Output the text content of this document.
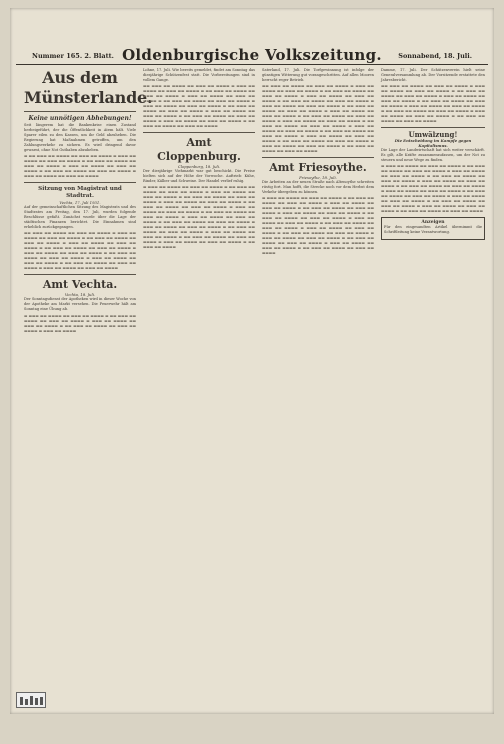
Nummer 165. 2. Blatt. Oldenburgische Volkszeitung.	Sonnabend, 18. Juli.
Aus dem Münsterlande.
Keine unnötigen Abhebungen!

Seit längerem hat die Bankenkrise einen Zustand herbeigeführt, der die Öffentlichkeit in Atem hält. Viele Sparer eilen zu den Kassen, um ihr Geld abzuheben. Die Regierung hat Maßnahmen getroffen, um den Zahlungsverkehr zu sichern. Es wird dringend davor gewarnt, ohne Not Guthaben abzuheben.

▬ ▬▬ ▬▬▬ ▬▬ ▬▬▬▬ ▬▬ ▬▬▬ ▬▬ ▬▬▬▬ ▬ ▬▬▬ ▬▬ ▬▬▬▬ ▬▬ ▬▬▬ ▬▬ ▬▬▬▬ ▬ ▬▬ ▬▬▬ ▬▬ ▬▬▬▬ ▬▬ ▬▬▬ ▬▬ ▬▬▬▬ ▬ ▬▬▬ ▬▬ ▬▬▬▬ ▬▬ ▬▬▬ ▬▬ ▬▬▬▬ ▬ ▬▬ ▬▬▬ ▬▬ ▬▬▬▬ ▬▬ ▬▬▬ ▬▬ ▬▬▬▬ ▬ ▬▬▬ ▬▬ ▬▬▬▬ ▬▬ ▬▬▬ ▬▬ ▬▬▬▬

Sitzung von Magistrat und Stadtrat.
Vechta, 17. Juli 1931.

Auf der gemeinschaftlichen Sitzung des Magistrats und des Stadtrates am Freitag, den 17. Juli, wurden folgende Beschlüsse gefaßt. Zunächst wurde über die Lage der städtischen Finanzen berichtet. Die Einnahmen sind erheblich zurückgegangen.

▬▬ ▬▬▬ ▬▬ ▬▬▬▬ ▬▬ ▬▬▬ ▬▬ ▬▬▬▬ ▬ ▬▬▬ ▬▬ ▬▬▬▬ ▬▬ ▬▬▬ ▬▬ ▬▬▬▬ ▬ ▬▬ ▬▬▬ ▬▬ ▬▬▬▬ ▬▬ ▬▬▬ ▬▬ ▬▬▬▬ ▬ ▬▬▬ ▬▬ ▬▬▬▬ ▬▬ ▬▬▬ ▬▬ ▬▬▬▬ ▬ ▬▬ ▬▬▬ ▬▬ ▬▬▬▬ ▬▬ ▬▬▬ ▬▬ ▬▬▬▬ ▬ ▬▬▬ ▬▬ ▬▬▬▬ ▬▬ ▬▬▬ ▬▬ ▬▬▬▬ ▬ ▬▬ ▬▬▬ ▬▬ ▬▬▬▬ ▬▬ ▬▬▬ ▬▬ ▬▬▬▬ ▬ ▬▬▬ ▬▬ ▬▬▬▬ ▬▬ ▬▬▬ ▬▬ ▬▬▬▬ ▬ ▬▬ ▬▬▬ ▬▬ ▬▬▬▬ ▬▬ ▬▬▬ ▬▬ ▬▬▬▬ ▬ ▬▬▬ ▬▬ ▬▬▬▬ ▬▬ ▬▬▬ ▬▬ ▬▬▬▬

Amt Vechta.
Vechta, 18. Juli.

Der Sonntagsdienst der Apotheken wird in dieser Woche von der Apotheke am Markt versehen. Die Feuerwehr hält am Sonntag eine Übung ab.

▬ ▬▬▬ ▬▬ ▬▬▬▬ ▬▬ ▬▬▬ ▬▬ ▬▬▬▬ ▬ ▬▬ ▬▬▬ ▬▬ ▬▬▬▬ ▬▬ ▬▬▬ ▬▬ ▬▬▬▬ ▬ ▬▬▬ ▬▬ ▬▬▬▬ ▬▬ ▬▬▬ ▬▬ ▬▬▬▬ ▬ ▬▬ ▬▬▬ ▬▬ ▬▬▬▬ ▬▬ ▬▬▬ ▬▬ ▬▬▬▬ ▬ ▬▬▬ ▬▬ ▬▬▬▬

Lohne, 17. Juli. Wie bereits gemeldet, findet am Sonntag das diesjährige Schützenfest statt. Die Vorbereitungen sind in vollem Gange.

▬▬ ▬▬▬ ▬▬ ▬▬▬▬ ▬▬ ▬▬▬ ▬▬ ▬▬▬▬ ▬ ▬▬▬ ▬▬ ▬▬▬▬ ▬▬ ▬▬▬ ▬▬ ▬▬▬▬ ▬ ▬▬ ▬▬▬ ▬▬ ▬▬▬▬ ▬▬ ▬▬▬ ▬▬ ▬▬▬▬ ▬ ▬▬▬ ▬▬ ▬▬▬▬ ▬▬ ▬▬▬ ▬▬ ▬▬▬▬ ▬ ▬▬ ▬▬▬ ▬▬ ▬▬▬▬ ▬▬ ▬▬▬ ▬▬ ▬▬▬▬ ▬ ▬▬▬ ▬▬ ▬▬▬▬ ▬▬ ▬▬▬ ▬▬ ▬▬▬▬ ▬ ▬▬ ▬▬▬ ▬▬ ▬▬▬▬ ▬▬ ▬▬▬ ▬▬ ▬▬▬▬ ▬ ▬▬▬ ▬▬ ▬▬▬▬ ▬▬ ▬▬▬ ▬▬ ▬▬▬▬ ▬ ▬▬ ▬▬▬ ▬▬ ▬▬▬▬ ▬▬ ▬▬▬ ▬▬ ▬▬▬▬ ▬ ▬▬▬ ▬▬ ▬▬▬▬ ▬▬ ▬▬▬ ▬▬ ▬▬▬▬ ▬ ▬▬ ▬▬▬ ▬▬ ▬▬▬▬ ▬▬ ▬▬▬ ▬▬ ▬▬▬▬

Amt Cloppenburg.
Cloppenburg, 18. Juli.

Der diesjährige Viehmarkt war gut beschickt. Die Preise hielten sich auf der Höhe der Vorwoche. Auftrieb: Kühe, Rinder, Kälber und Schweine. Der Handel verlief ruhig.

▬ ▬▬▬ ▬▬ ▬▬▬▬ ▬▬ ▬▬▬ ▬▬ ▬▬▬▬ ▬ ▬▬ ▬▬▬ ▬▬ ▬▬▬▬ ▬▬ ▬▬▬ ▬▬ ▬▬▬▬ ▬ ▬▬▬ ▬▬ ▬▬▬▬ ▬▬ ▬▬▬ ▬▬ ▬▬▬▬ ▬ ▬▬ ▬▬▬ ▬▬ ▬▬▬▬ ▬▬ ▬▬▬ ▬▬ ▬▬▬▬ ▬ ▬▬▬ ▬▬ ▬▬▬▬ ▬▬ ▬▬▬ ▬▬ ▬▬▬▬ ▬ ▬▬ ▬▬▬ ▬▬ ▬▬▬▬ ▬▬ ▬▬▬ ▬▬ ▬▬▬▬ ▬ ▬▬▬ ▬▬ ▬▬▬▬ ▬▬ ▬▬▬ ▬▬ ▬▬▬▬ ▬ ▬▬ ▬▬▬ ▬▬ ▬▬▬▬ ▬▬ ▬▬▬ ▬▬ ▬▬▬▬ ▬ ▬▬▬ ▬▬ ▬▬▬▬ ▬▬ ▬▬▬ ▬▬ ▬▬▬▬ ▬ ▬▬ ▬▬▬ ▬▬ ▬▬▬▬ ▬▬ ▬▬▬ ▬▬ ▬▬▬▬ ▬ ▬▬▬ ▬▬ ▬▬▬▬ ▬▬ ▬▬▬ ▬▬ ▬▬▬▬ ▬ ▬▬ ▬▬▬ ▬▬ ▬▬▬▬ ▬▬ ▬▬▬ ▬▬ ▬▬▬▬ ▬ ▬▬▬ ▬▬ ▬▬▬▬ ▬▬ ▬▬▬ ▬▬ ▬▬▬▬ ▬ ▬▬ ▬▬▬ ▬▬ ▬▬▬▬ ▬▬ ▬▬▬ ▬▬ ▬▬▬▬ ▬ ▬▬▬ ▬▬ ▬▬▬▬ ▬▬ ▬▬▬ ▬▬ ▬▬▬▬ ▬ ▬▬ ▬▬▬ ▬▬ ▬▬▬▬

Saterland, 17. Juli. Die Torfgewinnung ist infolge der günstigen Witterung gut vorangeschritten. Auf allen Mooren herrscht reger Betrieb.

▬▬ ▬▬▬ ▬▬ ▬▬▬▬ ▬▬ ▬▬▬ ▬▬ ▬▬▬▬ ▬ ▬▬▬ ▬▬ ▬▬▬▬ ▬▬ ▬▬▬ ▬▬ ▬▬▬▬ ▬ ▬▬ ▬▬▬ ▬▬ ▬▬▬▬ ▬▬ ▬▬▬ ▬▬ ▬▬▬▬ ▬ ▬▬▬ ▬▬ ▬▬▬▬ ▬▬ ▬▬▬ ▬▬ ▬▬▬▬ ▬ ▬▬ ▬▬▬ ▬▬ ▬▬▬▬ ▬▬ ▬▬▬ ▬▬ ▬▬▬▬ ▬ ▬▬▬ ▬▬ ▬▬▬▬ ▬▬ ▬▬▬ ▬▬ ▬▬▬▬ ▬ ▬▬ ▬▬▬ ▬▬ ▬▬▬▬ ▬▬ ▬▬▬ ▬▬ ▬▬▬▬ ▬ ▬▬▬ ▬▬ ▬▬▬▬ ▬▬ ▬▬▬ ▬▬ ▬▬▬▬ ▬ ▬▬ ▬▬▬ ▬▬ ▬▬▬▬ ▬▬ ▬▬▬ ▬▬ ▬▬▬▬ ▬ ▬▬▬ ▬▬ ▬▬▬▬ ▬▬ ▬▬▬ ▬▬ ▬▬▬▬ ▬ ▬▬ ▬▬▬ ▬▬ ▬▬▬▬ ▬▬ ▬▬▬ ▬▬ ▬▬▬▬ ▬ ▬▬▬ ▬▬ ▬▬▬▬ ▬▬ ▬▬▬ ▬▬ ▬▬▬▬ ▬ ▬▬ ▬▬▬ ▬▬ ▬▬▬▬ ▬▬ ▬▬▬ ▬▬ ▬▬▬▬ ▬ ▬▬▬ ▬▬ ▬▬▬▬ ▬▬ ▬▬▬ ▬▬ ▬▬▬▬ ▬ ▬▬ ▬▬▬ ▬▬ ▬▬▬▬ ▬▬ ▬▬▬ ▬▬ ▬▬▬▬ ▬ ▬▬▬ ▬▬ ▬▬▬▬ ▬▬ ▬▬▬ ▬▬ ▬▬▬▬ ▬ ▬▬ ▬▬▬ ▬▬ ▬▬▬▬ ▬▬ ▬▬▬ ▬▬ ▬▬▬▬

Amt Friesoythe.
Friesoythe, 18. Juli.

Die Arbeiten an der neuen Straße nach Altenoythe schreiten rüstig fort. Man hofft, die Strecke noch vor dem Herbst dem Verkehr übergeben zu können.

▬ ▬▬▬ ▬▬ ▬▬▬▬ ▬▬ ▬▬▬ ▬▬ ▬▬▬▬ ▬ ▬▬ ▬▬▬ ▬▬ ▬▬▬▬ ▬▬ ▬▬▬ ▬▬ ▬▬▬▬ ▬ ▬▬▬ ▬▬ ▬▬▬▬ ▬▬ ▬▬▬ ▬▬ ▬▬▬▬ ▬ ▬▬ ▬▬▬ ▬▬ ▬▬▬▬ ▬▬ ▬▬▬ ▬▬ ▬▬▬▬ ▬ ▬▬▬ ▬▬ ▬▬▬▬ ▬▬ ▬▬▬ ▬▬ ▬▬▬▬ ▬ ▬▬ ▬▬▬ ▬▬ ▬▬▬▬ ▬▬ ▬▬▬ ▬▬ ▬▬▬▬ ▬ ▬▬▬ ▬▬ ▬▬▬▬ ▬▬ ▬▬▬ ▬▬ ▬▬▬▬ ▬ ▬▬ ▬▬▬ ▬▬ ▬▬▬▬ ▬▬ ▬▬▬ ▬▬ ▬▬▬▬ ▬ ▬▬▬ ▬▬ ▬▬▬▬ ▬▬ ▬▬▬ ▬▬ ▬▬▬▬ ▬ ▬▬ ▬▬▬ ▬▬ ▬▬▬▬ ▬▬ ▬▬▬ ▬▬ ▬▬▬▬ ▬ ▬▬▬ ▬▬ ▬▬▬▬ ▬▬ ▬▬▬ ▬▬ ▬▬▬▬ ▬ ▬▬ ▬▬▬ ▬▬ ▬▬▬▬ ▬▬ ▬▬▬ ▬▬ ▬▬▬▬ ▬ ▬▬▬ ▬▬ ▬▬▬▬ ▬▬ ▬▬▬ ▬▬ ▬▬▬▬ ▬ ▬▬ ▬▬▬ ▬▬ ▬▬▬▬ ▬▬ ▬▬▬ ▬▬ ▬▬▬▬

Damme, 17. Juli. Der Schützenverein hielt seine Generalversammlung ab. Der Vorsitzende erstattete den Jahresbericht.

▬▬ ▬▬▬ ▬▬ ▬▬▬▬ ▬▬ ▬▬▬ ▬▬ ▬▬▬▬ ▬ ▬▬▬ ▬▬ ▬▬▬▬ ▬▬ ▬▬▬ ▬▬ ▬▬▬▬ ▬ ▬▬ ▬▬▬ ▬▬ ▬▬▬▬ ▬▬ ▬▬▬ ▬▬ ▬▬▬▬ ▬ ▬▬▬ ▬▬ ▬▬▬▬ ▬▬ ▬▬▬ ▬▬ ▬▬▬▬ ▬ ▬▬ ▬▬▬ ▬▬ ▬▬▬▬ ▬▬ ▬▬▬ ▬▬ ▬▬▬▬ ▬ ▬▬▬ ▬▬ ▬▬▬▬ ▬▬ ▬▬▬ ▬▬ ▬▬▬▬ ▬ ▬▬ ▬▬▬ ▬▬ ▬▬▬▬ ▬▬ ▬▬▬ ▬▬ ▬▬▬▬ ▬ ▬▬▬ ▬▬ ▬▬▬▬ ▬▬ ▬▬▬ ▬▬ ▬▬▬▬ ▬ ▬▬ ▬▬▬ ▬▬ ▬▬▬▬ ▬▬ ▬▬▬ ▬▬ ▬▬▬▬

Umwälzung!
Die Entscheidung im Kampfe gegen Kapitalismus.

Die Lage der Landwirtschaft hat sich weiter verschärft. Es gilt, alle Kräfte zusammenzufassen, um der Not zu steuern und neue Wege zu finden.

▬ ▬▬▬ ▬▬ ▬▬▬▬ ▬▬ ▬▬▬ ▬▬ ▬▬▬▬ ▬ ▬▬ ▬▬▬ ▬▬ ▬▬▬▬ ▬▬ ▬▬▬ ▬▬ ▬▬▬▬ ▬ ▬▬▬ ▬▬ ▬▬▬▬ ▬▬ ▬▬▬ ▬▬ ▬▬▬▬ ▬ ▬▬ ▬▬▬ ▬▬ ▬▬▬▬ ▬▬ ▬▬▬ ▬▬ ▬▬▬▬ ▬ ▬▬▬ ▬▬ ▬▬▬▬ ▬▬ ▬▬▬ ▬▬ ▬▬▬▬ ▬ ▬▬ ▬▬▬ ▬▬ ▬▬▬▬ ▬▬ ▬▬▬ ▬▬ ▬▬▬▬ ▬ ▬▬▬ ▬▬ ▬▬▬▬ ▬▬ ▬▬▬ ▬▬ ▬▬▬▬ ▬ ▬▬ ▬▬▬ ▬▬ ▬▬▬▬ ▬▬ ▬▬▬ ▬▬ ▬▬▬▬ ▬ ▬▬▬ ▬▬ ▬▬▬▬ ▬▬ ▬▬▬ ▬▬ ▬▬▬▬ ▬ ▬▬ ▬▬▬ ▬▬ ▬▬▬▬ ▬▬ ▬▬▬ ▬▬ ▬▬▬▬ ▬ ▬▬▬ ▬▬ ▬▬▬▬ ▬▬ ▬▬▬ ▬▬ ▬▬▬▬ ▬ ▬▬ ▬▬▬ ▬▬ ▬▬▬▬ ▬▬ ▬▬▬ ▬▬ ▬▬▬▬

Anzeigen

Für den eingesandten Artikel übernimmt die Schriftleitung keine Verantwortung.
